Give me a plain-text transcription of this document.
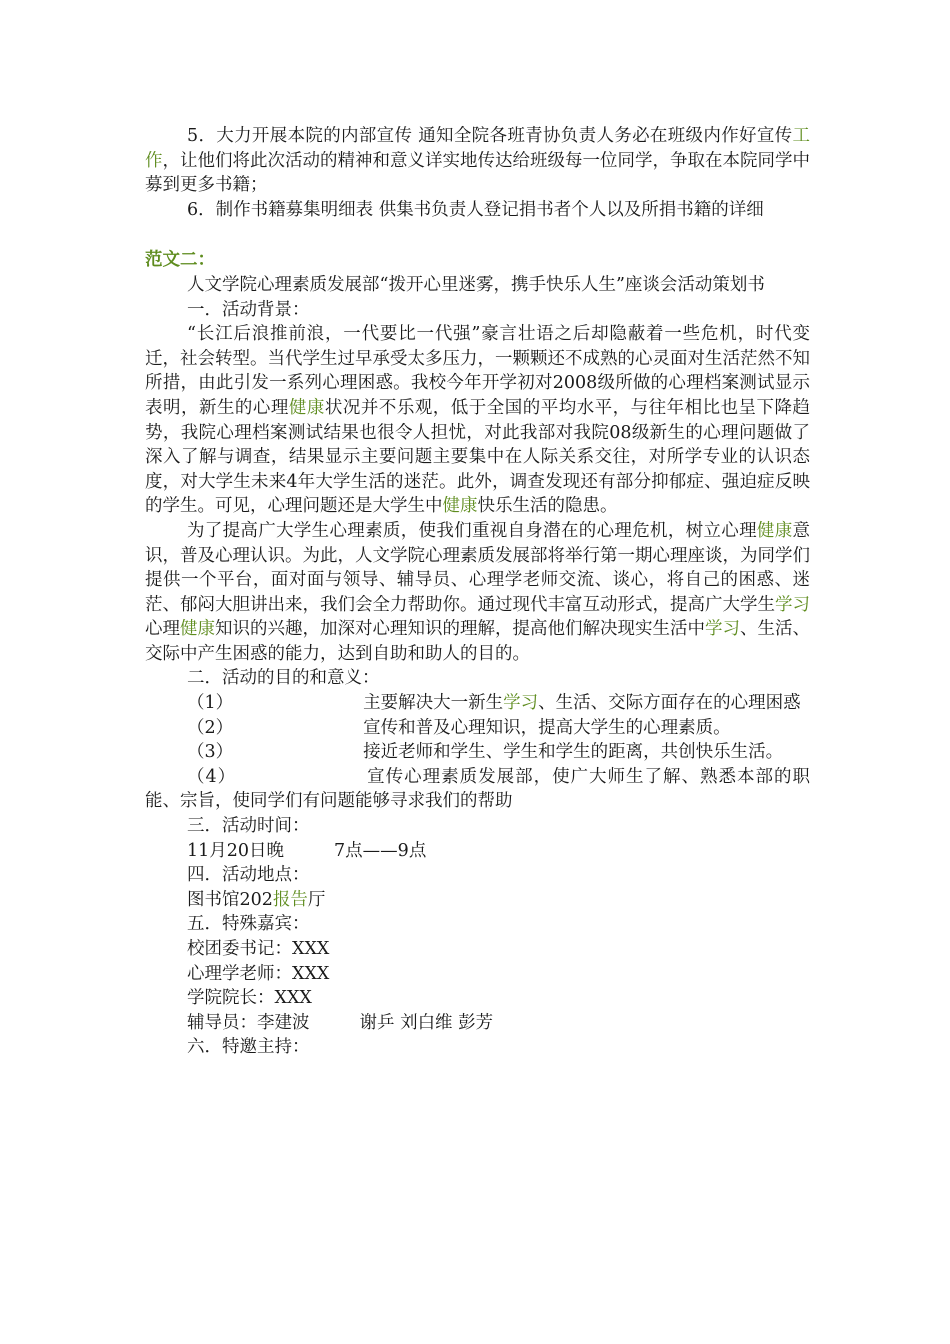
5．大力开展本院的内部宣传 通知全院各班青协负责人务必在班级内作好宣传工作，让他们将此次活动的精神和意义详实地传达给班级每一位同学，争取在本院同学中募到更多书籍；

6．制作书籍募集明细表 供集书负责人登记捐书者个人以及所捐书籍的详细

范文二：

人文学院心理素质发展部“拨开心里迷雾，携手快乐人生”座谈会活动策划书

一．活动背景：

“长江后浪推前浪，一代要比一代强”豪言壮语之后却隐蔽着一些危机，时代变迁，社会转型。当代学生过早承受太多压力，一颗颗还不成熟的心灵面对生活茫然不知所措，由此引发一系列心理困惑。我校今年开学初对2008级所做的心理档案测试显示表明，新生的心理健康状况并不乐观，低于全国的平均水平，与往年相比也呈下降趋势，我院心理档案测试结果也很令人担忧，对此我部对我院08级新生的心理问题做了深入了解与调查，结果显示主要问题主要集中在人际关系交往，对所学专业的认识态度，对大学生未来4年大学生活的迷茫。此外，调查发现还有部分抑郁症、强迫症反映的学生。可见，心理问题还是大学生中健康快乐生活的隐患。

为了提高广大学生心理素质，使我们重视自身潜在的心理危机，树立心理健康意识，普及心理认识。为此，人文学院心理素质发展部将举行第一期心理座谈，为同学们提供一个平台，面对面与领导、辅导员、心理学老师交流、谈心，将自己的困惑、迷茫、郁闷大胆讲出来，我们会全力帮助你。通过现代丰富互动形式，提高广大学生学习心理健康知识的兴趣，加深对心理知识的理解，提高他们解决现实生活中学习、生活、交际中产生困惑的能力，达到自助和助人的目的。

二．活动的目的和意义：

（1）	主要解决大一新生学习、生活、交际方面存在的心理困惑

（2）	宣传和普及心理知识，提高大学生的心理素质。

（3）	接近老师和学生、学生和学生的距离，共创快乐生活。

（4）	宣传心理素质发展部，使广大师生了解、熟悉本部的职能、宗旨，使同学们有问题能够寻求我们的帮助

三．活动时间：

11月20日晚	7点——9点

四．活动地点：

图书馆202报告厅

五．特殊嘉宾：

校团委书记：XXX

心理学老师：XXX

学院院长：XXX

辅导员：李建波	谢乒 刘白维 彭芳

六．特邀主持：
